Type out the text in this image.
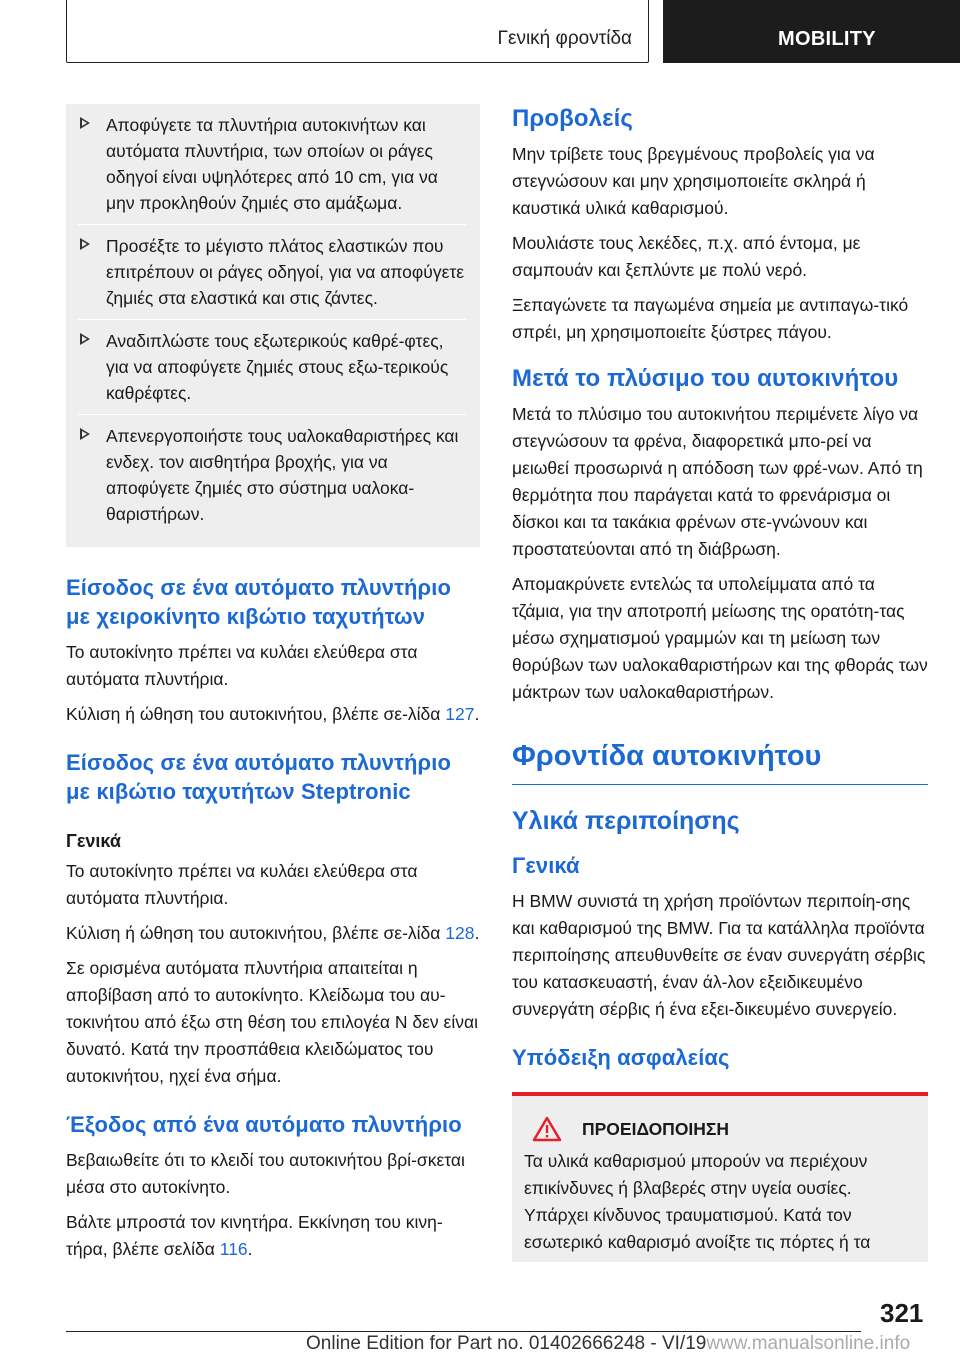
Γενική φροντίδα	MOBILITY
Αποφύγετε τα πλυντήρια αυτοκινήτων και αυτόματα πλυντήρια, των οποίων οι ράγες οδηγοί είναι υψηλότερες από 10 cm, για να μην προκληθούν ζημιές στο αμάξωμα.
Προσέξτε το μέγιστο πλάτος ελαστικών που επιτρέπουν οι ράγες οδηγοί, για να αποφύγετε ζημιές στα ελαστικά και στις ζάντες.
Αναδιπλώστε τους εξωτερικούς καθρέ-φτες, για να αποφύγετε ζημιές στους εξω-τερικούς καθρέφτες.
Απενεργοποιήστε τους υαλοκαθαριστήρες και ενδεχ. τον αισθητήρα βροχής, για να αποφύγετε ζημιές στο σύστημα υαλοκα-θαριστήρων.
Είσοδος σε ένα αυτόματο πλυντήριο με χειροκίνητο κιβώτιο ταχυτήτων

Το αυτοκίνητο πρέπει να κυλάει ελεύθερα στα αυτόματα πλυντήρια.

Κύλιση ή ώθηση του αυτοκινήτου, βλέπε σε-λίδα 127.

Είσοδος σε ένα αυτόματο πλυντήριο με κιβώτιο ταχυτήτων Steptronic
Γενικά

Το αυτοκίνητο πρέπει να κυλάει ελεύθερα στα αυτόματα πλυντήρια.

Κύλιση ή ώθηση του αυτοκινήτου, βλέπε σε-λίδα 128.

Σε ορισμένα αυτόματα πλυντήρια απαιτείται η αποβίβαση από το αυτοκίνητο. Κλείδωμα του αυ-τοκινήτου από έξω στη θέση του επιλογέα N δεν είναι δυνατό. Κατά την προσπάθεια κλειδώματος του αυτοκινήτου, ηχεί ένα σήμα.

Έξοδος από ένα αυτόματο πλυντήριο

Βεβαιωθείτε ότι το κλειδί του αυτοκινήτου βρί-σκεται μέσα στο αυτοκίνητο.

Βάλτε μπροστά τον κινητήρα. Εκκίνηση του κινη-τήρα, βλέπε σελίδα 116.

Προβολείς

Μην τρίβετε τους βρεγμένους προβολείς για να στεγνώσουν και μην χρησιμοποιείτε σκληρά ή καυστικά υλικά καθαρισμού.

Μουλιάστε τους λεκέδες, π.χ. από έντομα, με σαμπουάν και ξεπλύντε με πολύ νερό.

Ξεπαγώνετε τα παγωμένα σημεία με αντιπαγω-τικό σπρέι, μη χρησιμοποιείτε ξύστρες πάγου.

Μετά το πλύσιμο του αυτοκινήτου

Μετά το πλύσιμο του αυτοκινήτου περιμένετε λίγο να στεγνώσουν τα φρένα, διαφορετικά μπο-ρεί να μειωθεί προσωρινά η απόδοση των φρέ-νων. Από τη θερμότητα που παράγεται κατά το φρενάρισμα οι δίσκοι και τα τακάκια φρένων στε-γνώνουν και προστατεύονται από τη διάβρωση.

Απομακρύνετε εντελώς τα υπολείμματα από τα τζάμια, για την αποτροπή μείωσης της ορατότη-τας μέσω σχηματισμού γραμμών και τη μείωση των θορύβων των υαλοκαθαριστήρων και της φθοράς των μάκτρων των υαλοκαθαριστήρων.

Φροντίδα αυτοκινήτου
Υλικά περιποίησης
Γενικά

Η BMW συνιστά τη χρήση προϊόντων περιποίη-σης και καθαρισμού της BMW. Για τα κατάλληλα προϊόντα περιποίησης απευθυνθείτε σε έναν συνεργάτη σέρβις του κατασκευαστή, έναν άλ-λον εξειδικευμένο συνεργάτη σέρβις ή ένα εξει-δικευμένο συνεργείο.

Υπόδειξη ασφαλείας
ΠΡΟΕΙΔΟΠΟΙΗΣΗ

Τα υλικά καθαρισμού μπορούν να περιέχουν επικίνδυνες ή βλαβερές στην υγεία ουσίες. Υπάρχει κίνδυνος τραυματισμού. Κατά τον εσωτερικό καθαρισμό ανοίξτε τις πόρτες ή τα

321
Online Edition for Part no. 01402666248 - VI/19www.manualsonline.info
